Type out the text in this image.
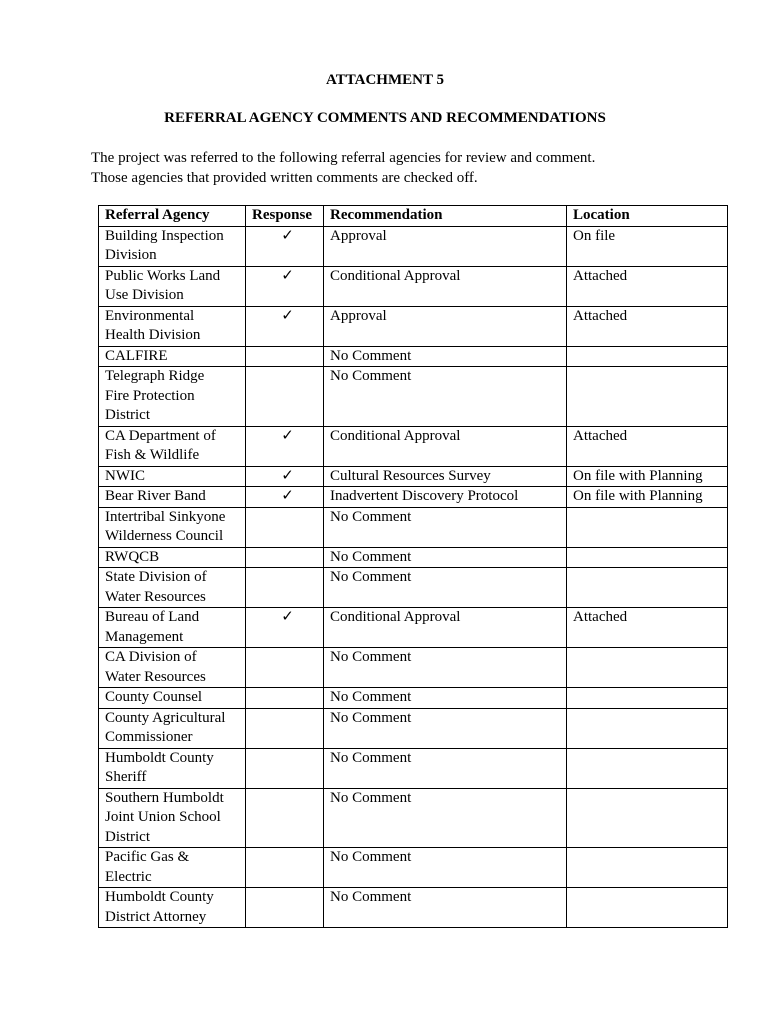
ATTACHMENT 5
REFERRAL AGENCY COMMENTS AND RECOMMENDATIONS
The project was referred to the following referral agencies for review and comment.
Those agencies that provided written comments are checked off.
Referral Agency	Response	Recommendation	Location

Building Inspection
Division	✓	Approval	On file

Public Works Land
Use Division	✓	Conditional Approval	Attached

Environmental
Health Division	✓	Approval	Attached

CALFIRE		No Comment	

Telegraph Ridge
Fire Protection
District		No Comment	

CA Department of
Fish & Wildlife	✓	Conditional Approval	Attached

NWIC	✓	Cultural Resources Survey	On file with Planning

Bear River Band	✓	Inadvertent Discovery Protocol	On file with Planning

Intertribal Sinkyone
Wilderness Council		No Comment	

RWQCB		No Comment	

State Division of
Water Resources		No Comment	

Bureau of Land
Management	✓	Conditional Approval	Attached

CA Division of
Water Resources		No Comment	

County Counsel		No Comment	

County Agricultural
Commissioner		No Comment	

Humboldt County
Sheriff		No Comment	

Southern Humboldt
Joint Union School
District		No Comment	

Pacific Gas &
Electric		No Comment	

Humboldt County
District Attorney		No Comment	
